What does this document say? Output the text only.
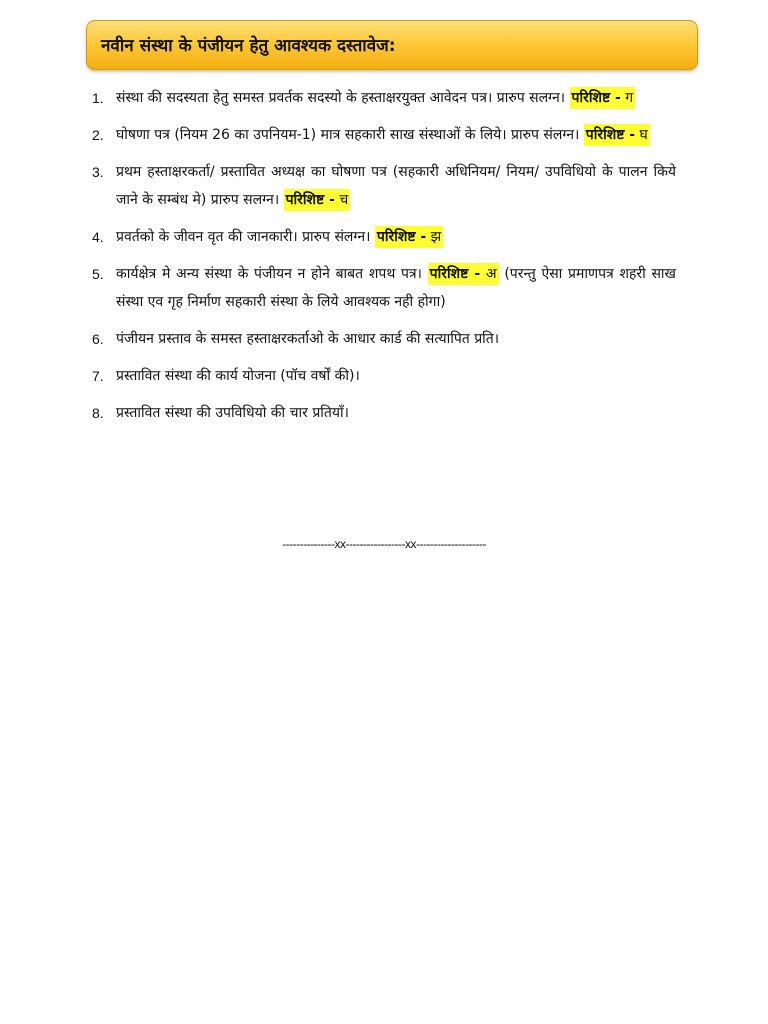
नवीन संस्था के पंजीयन हेतु आवश्यक दस्तावेज:
1. संस्था की सदस्यता हेतु समस्त प्रवर्तक सदस्यो के हस्ताक्षरयुक्त आवेदन पत्र। प्रारुप सलग्न। परिशिष्ट - ग
2. घोषणा पत्र (नियम 26 का उपनियम-1) मात्र सहकारी साख संस्थाओं के लिये। प्रारुप संलग्न। परिशिष्ट - घ
3. प्रथम हस्ताक्षरकर्ता/ प्रस्तावित अध्यक्ष का घोषणा पत्र (सहकारी अधिनियम/ नियम/ उपविधियो के पालन किये जाने के सम्बंध मे) प्रारुप सलग्न। परिशिष्ट - च
4. प्रवर्तको के जीवन वृत की जानकारी। प्रारुप संलग्न। परिशिष्ट - झ
5. कार्यक्षेत्र मे अन्य संस्था के पंजीयन न होने बाबत शपथ पत्र। परिशिष्ट - अ (परन्तु ऐसा प्रमाणपत्र शहरी साख संस्था एव गृह निर्माण सहकारी संस्था के लिये आवश्यक नही होगा)
6. पंजीयन प्रस्ताव के समस्त हस्ताक्षरकर्ताओ के आधार कार्ड की सत्यापित प्रति।
7. प्रस्तावित संस्था की कार्य योजना (पॉच वर्षों की)।
8. प्रस्तावित संस्था की उपविधियो की चार प्रतियाँ।
---------------xx-----------------xx--------------------
